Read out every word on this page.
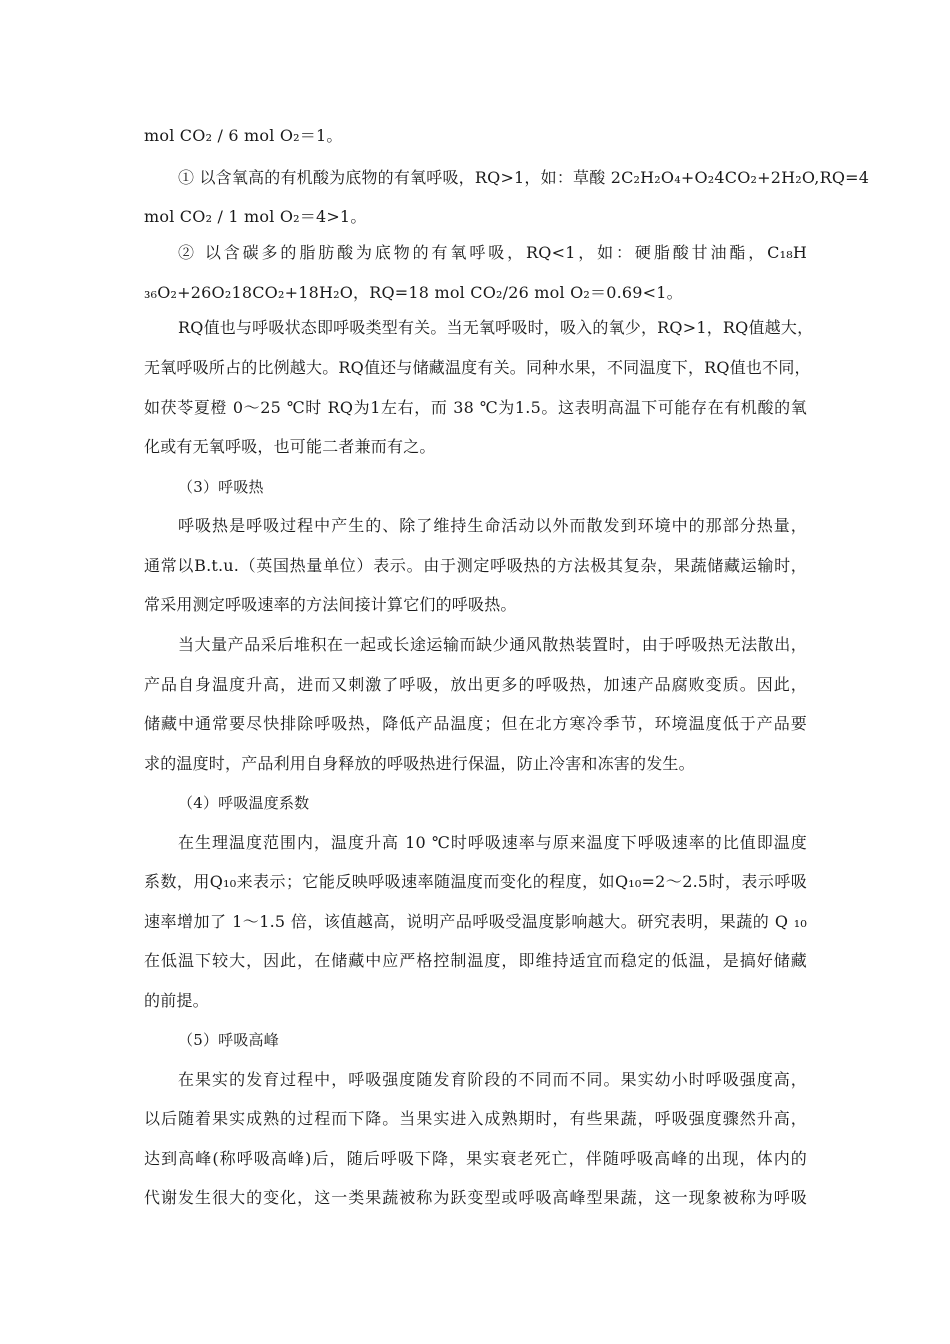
mol CO₂ / 6 mol O₂＝1。
① 以含氧高的有机酸为底物的有氧呼吸，RQ>1，如：草酸 2C₂H₂O₄+O₂4CO₂+2H₂O,RQ=4
mol CO₂ / 1 mol O₂＝4>1。
② 以含碳多的脂肪酸为底物的有氧呼吸，RQ<1，如：硬脂酸甘油酯，C₁₈H
₃₆O₂+26O₂18CO₂+18H₂O，RQ=18 mol CO₂/26 mol O₂＝0.69<1。
RQ值也与呼吸状态即呼吸类型有关。当无氧呼吸时，吸入的氧少，RQ>1，RQ值越大，
无氧呼吸所占的比例越大。RQ值还与储藏温度有关。同种水果，不同温度下，RQ值也不同，
如茯苓夏橙 0～25 ℃时 RQ为1左右，而 38 ℃为1.5。这表明高温下可能存在有机酸的氧
化或有无氧呼吸，也可能二者兼而有之。
（3）呼吸热
呼吸热是呼吸过程中产生的、除了维持生命活动以外而散发到环境中的那部分热量，
通常以B.t.u.（英国热量单位）表示。由于测定呼吸热的方法极其复杂，果蔬储藏运输时，
常采用测定呼吸速率的方法间接计算它们的呼吸热。
当大量产品采后堆积在一起或长途运输而缺少通风散热装置时，由于呼吸热无法散出，
产品自身温度升高，进而又刺激了呼吸，放出更多的呼吸热，加速产品腐败变质。因此，
储藏中通常要尽快排除呼吸热，降低产品温度；但在北方寒冷季节，环境温度低于产品要
求的温度时，产品利用自身释放的呼吸热进行保温，防止冷害和冻害的发生。
（4）呼吸温度系数
在生理温度范围内，温度升高 10 ℃时呼吸速率与原来温度下呼吸速率的比值即温度
系数，用Q₁₀来表示；它能反映呼吸速率随温度而变化的程度，如Q₁₀=2～2.5时，表示呼吸
速率增加了 1～1.5 倍，该值越高，说明产品呼吸受温度影响越大。研究表明，果蔬的 Q ₁₀
在低温下较大，因此，在储藏中应严格控制温度，即维持适宜而稳定的低温，是搞好储藏
的前提。
（5）呼吸高峰
在果实的发育过程中，呼吸强度随发育阶段的不同而不同。果实幼小时呼吸强度高，
以后随着果实成熟的过程而下降。当果实进入成熟期时，有些果蔬，呼吸强度骤然升高，
达到高峰(称呼吸高峰)后，随后呼吸下降，果实衰老死亡，伴随呼吸高峰的出现，体内的
代谢发生很大的变化，这一类果蔬被称为跃变型或呼吸高峰型果蔬，这一现象被称为呼吸
